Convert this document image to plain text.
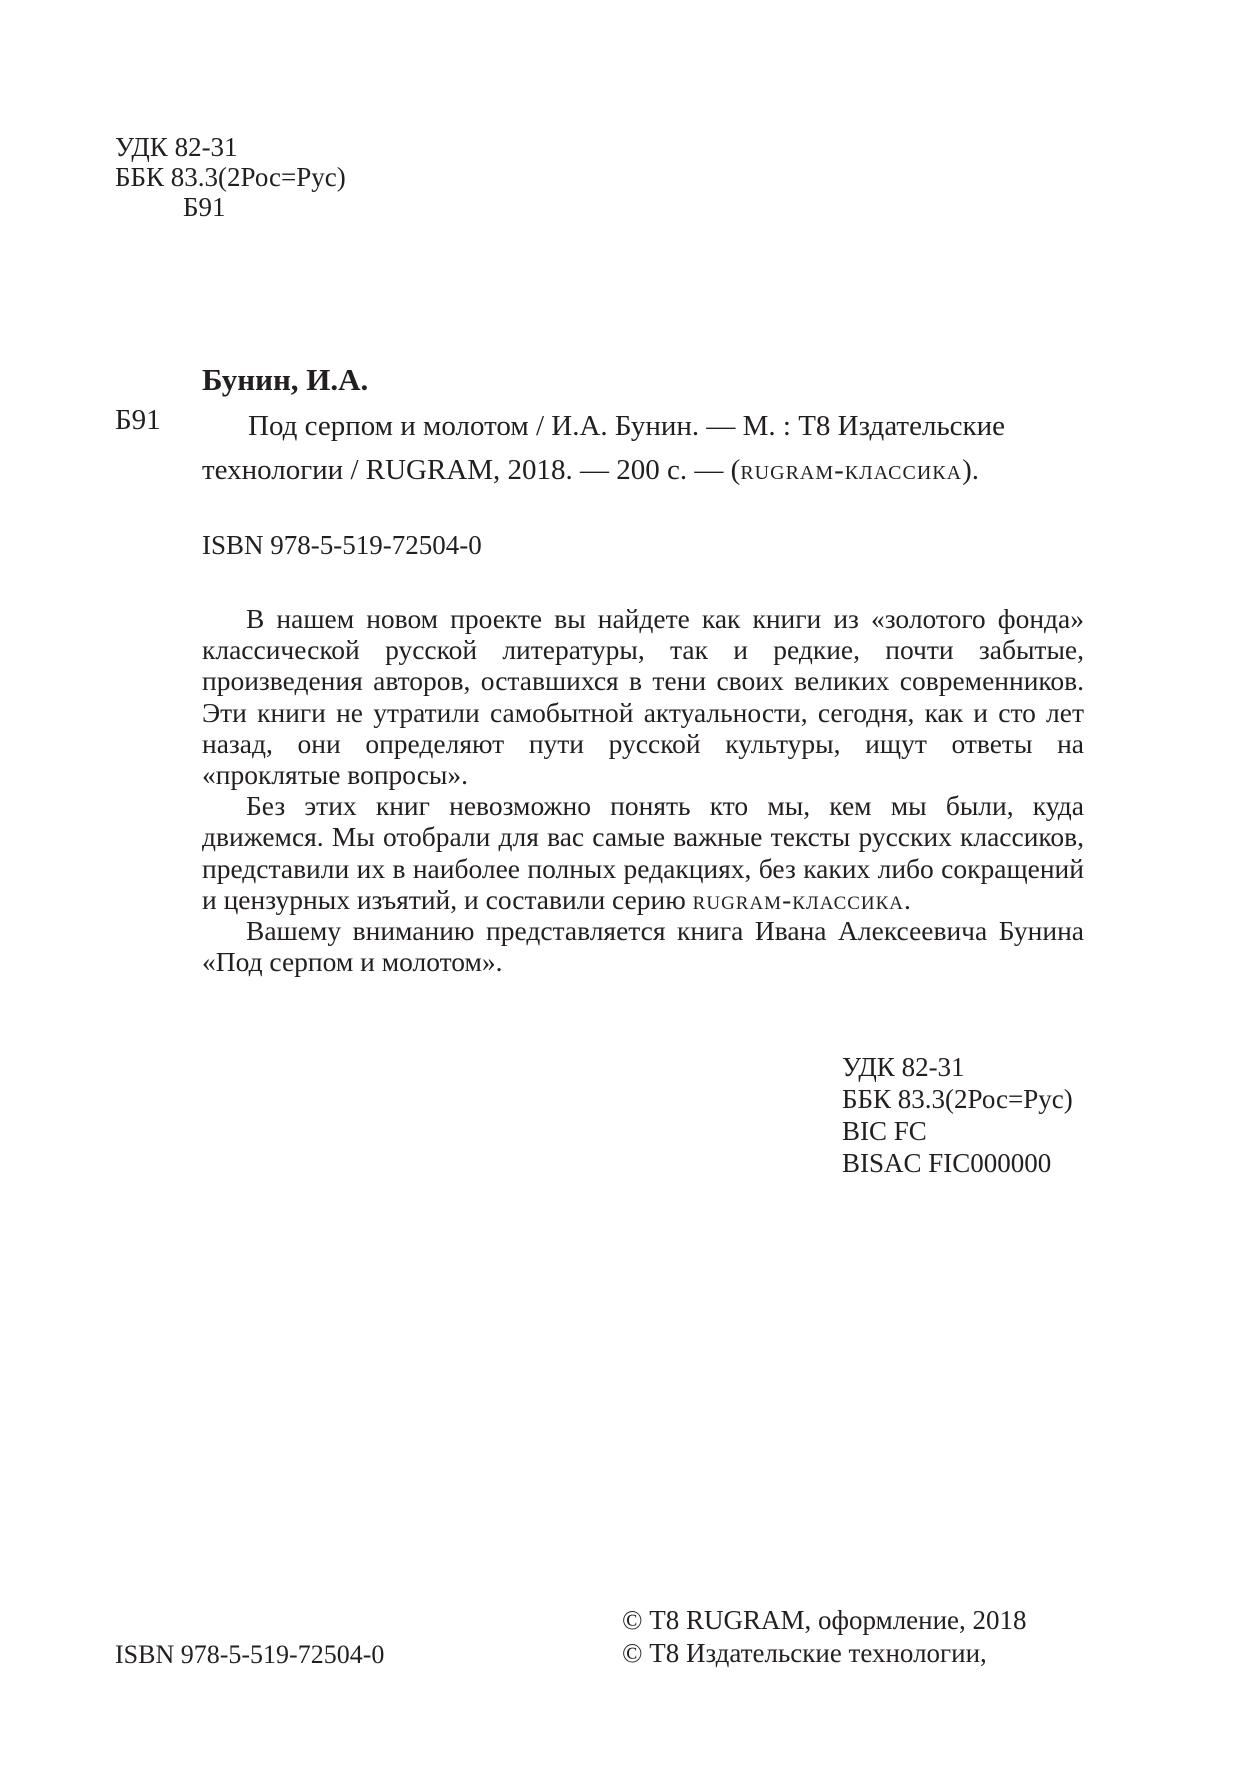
УДК 82-31
ББК 83.3(2Рос=Рус)
Б91
Бунин, И.А.
Б91	Под серпом и молотом / И.А. Бунин. — М. : Т8 Издательские
технологии / RUGRAM, 2018. — 200 с. — (rugram-классика).
ISBN 978-5-519-72504-0

В нашем новом проекте вы найдете как книги из «золотого фонда» классической русской литературы, так и редкие, почти забытые, произведения авторов, оставшихся в тени своих великих современников. Эти книги не утратили самобытной актуальности, сегодня, как и сто лет назад, они определяют пути русской культуры, ищут ответы на «проклятые вопросы».

Без этих книг невозможно понять кто мы, кем мы были, куда движемся. Мы отобрали для вас самые важные тексты русских классиков, представили их в наиболее полных редакциях, без каких либо сокращений и цензурных изъятий, и составили серию rugram-классика.

Вашему вниманию представляется книга Ивана Алексеевича Бунина «Под серпом и молотом».

УДК 82-31
ББК 83.3(2Рос=Рус)
BIC FC
BISAC FIC000000
© Т8 RUGRAM, оформление, 2018
© Т8 Издательские технологии,
ISBN 978-5-519-72504-0
